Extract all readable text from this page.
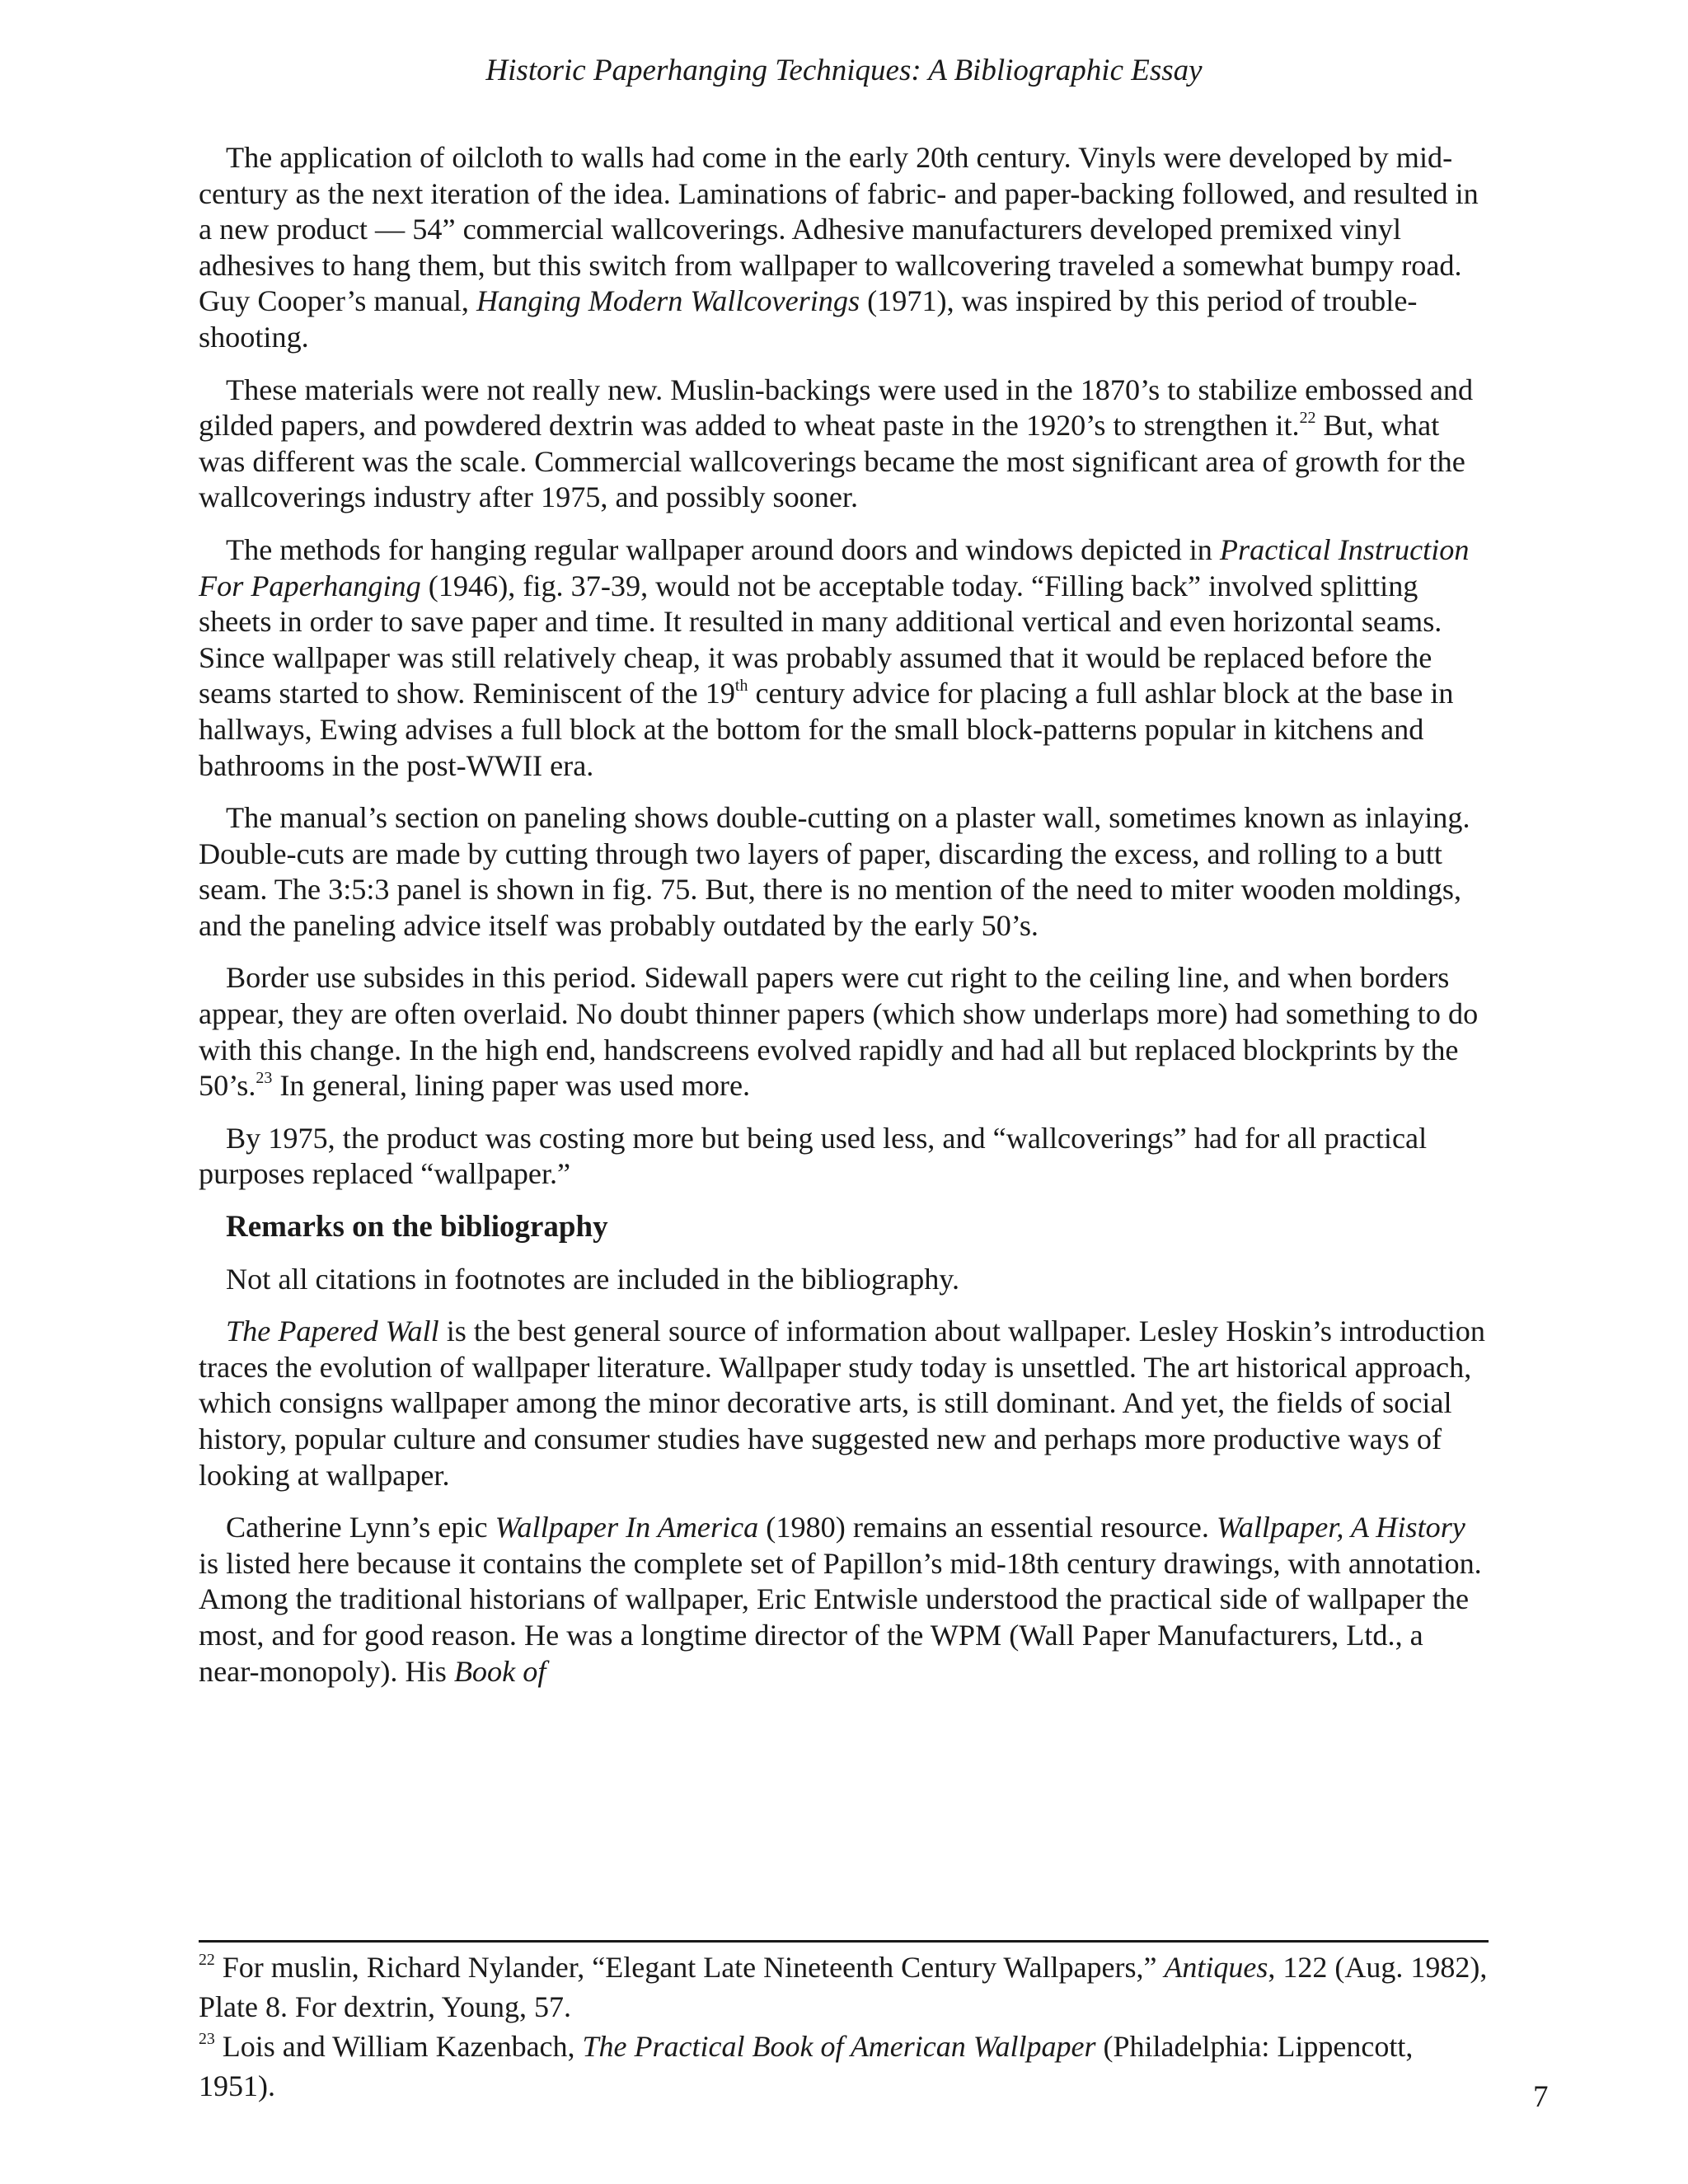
Historic Paperhanging Techniques: A Bibliographic Essay

The application of oilcloth to walls had come in the early 20th century. Vinyls were developed by mid-century as the next iteration of the idea. Laminations of fabric- and paper-backing followed, and resulted in a new product — 54” commercial wallcoverings. Adhesive manufacturers developed premixed vinyl adhesives to hang them, but this switch from wallpaper to wallcovering traveled a somewhat bumpy road. Guy Cooper’s manual, Hanging Modern Wallcoverings (1971), was inspired by this period of trouble-shooting.

These materials were not really new. Muslin-backings were used in the 1870’s to stabilize embossed and gilded papers, and powdered dextrin was added to wheat paste in the 1920’s to strengthen it.$^{22}$ But, what was different was the scale. Commercial wallcoverings became the most significant area of growth for the wallcoverings industry after 1975, and possibly sooner.

The methods for hanging regular wallpaper around doors and windows depicted in Practical Instruction For Paperhanging (1946), fig. 37-39, would not be acceptable today. “Filling back” involved splitting sheets in order to save paper and time. It resulted in many additional vertical and even horizontal seams. Since wallpaper was still relatively cheap, it was probably assumed that it would be replaced before the seams started to show. Reminiscent of the 19th century advice for placing a full ashlar block at the base in hallways, Ewing advises a full block at the bottom for the small block-patterns popular in kitchens and bathrooms in the post-WWII era.

The manual’s section on paneling shows double-cutting on a plaster wall, sometimes known as inlaying. Double-cuts are made by cutting through two layers of paper, discarding the excess, and rolling to a butt seam. The 3:5:3 panel is shown in fig. 75. But, there is no mention of the need to miter wooden moldings, and the paneling advice itself was probably outdated by the early 50’s.

Border use subsides in this period. Sidewall papers were cut right to the ceiling line, and when borders appear, they are often overlaid. No doubt thinner papers (which show underlaps more) had something to do with this change. In the high end, handscreens evolved rapidly and had all but replaced blockprints by the 50’s.$^{23}$ In general, lining paper was used more.

By 1975, the product was costing more but being used less, and “wallcoverings” had for all practical purposes replaced “wallpaper.”

Remarks on the bibliography

Not all citations in footnotes are included in the bibliography.

The Papered Wall is the best general source of information about wallpaper. Lesley Hoskin’s introduction traces the evolution of wallpaper literature. Wallpaper study today is unsettled. The art historical approach, which consigns wallpaper among the minor decorative arts, is still dominant. And yet, the fields of social history, popular culture and consumer studies have suggested new and perhaps more productive ways of looking at wallpaper.

Catherine Lynn’s epic Wallpaper In America (1980) remains an essential resource. Wallpaper, A History is listed here because it contains the complete set of Papillon’s mid-18th century drawings, with annotation. Among the traditional historians of wallpaper, Eric Entwisle understood the practical side of wallpaper the most, and for good reason. He was a longtime director of the WPM (Wall Paper Manufacturers, Ltd., a near-monopoly). His Book of

$^{22}$ For muslin, Richard Nylander, “Elegant Late Nineteenth Century Wallpapers,” Antiques, 122 (Aug. 1982), Plate 8. For dextrin, Young, 57.

$^{23}$ Lois and William Kazenbach, The Practical Book of American Wallpaper (Philadelphia: Lippencott, 1951).	7
